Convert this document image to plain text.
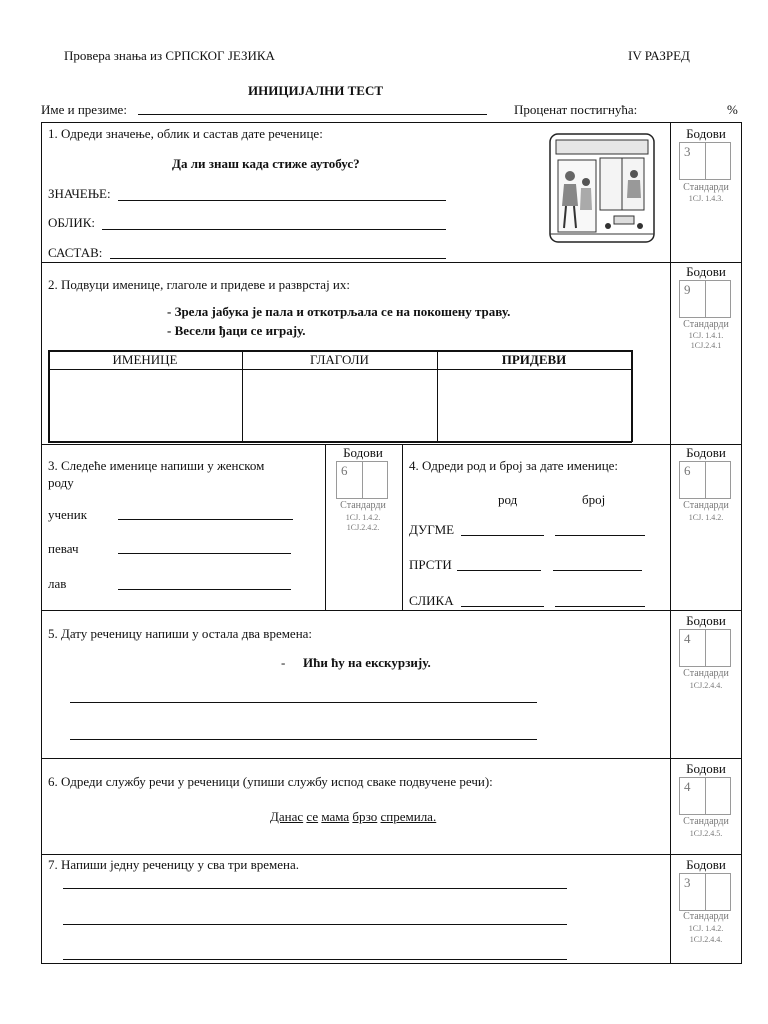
Провера знања из СРПСКОГ ЈЕЗИКА	IV РАЗРЕД
ИНИЦИЈАЛНИ ТЕСТ
Име и презиме:	Проценат постигнућа:	%
1. Одреди значење, облик и састав дате реченице:
Да ли знаш када стиже аутобус?
ЗНАЧЕЊЕ:
ОБЛИК:
САСТАВ:
Бодови
3
Стандарди
1CJ. 1.4.3.
2. Подвуци именице, глаголе и придеве и разврстај их:
- Зрела јабука је пала и откотрљала се на покошену траву.
- Весели ђаци се играју.
ИМЕНИЦЕ	ГЛАГОЛИ	ПРИДЕВИ
Бодови
9
Стандарди
1CJ. 1.4.1.
1CJ.2.4.1
3. Следеће именице напиши у женском
роду
ученик
певач
лав
Бодови
6
Стандарди
1CJ. 1.4.2.
1CJ.2.4.2.
4. Одреди род и број за дате именице:
род	број
ДУГМЕ
ПРСТИ
СЛИКА
Бодови
6
Стандарди
1CJ. 1.4.2.
5. Дату реченицу напиши у остала два времена:
- Ићи ћу на екскурзију.
Бодови
4
Стандарди
1CJ.2.4.4.
6. Одреди службу речи у реченици (упиши службу испод сваке подвучене речи):
Данас се мама брзо спремила.
Бодови
4
Стандарди
1CJ.2.4.5.
7. Напиши једну реченицу у сва три времена.	Бодови
3
Стандарди
1CJ. 1.4.2.
1CJ.2.4.4.
